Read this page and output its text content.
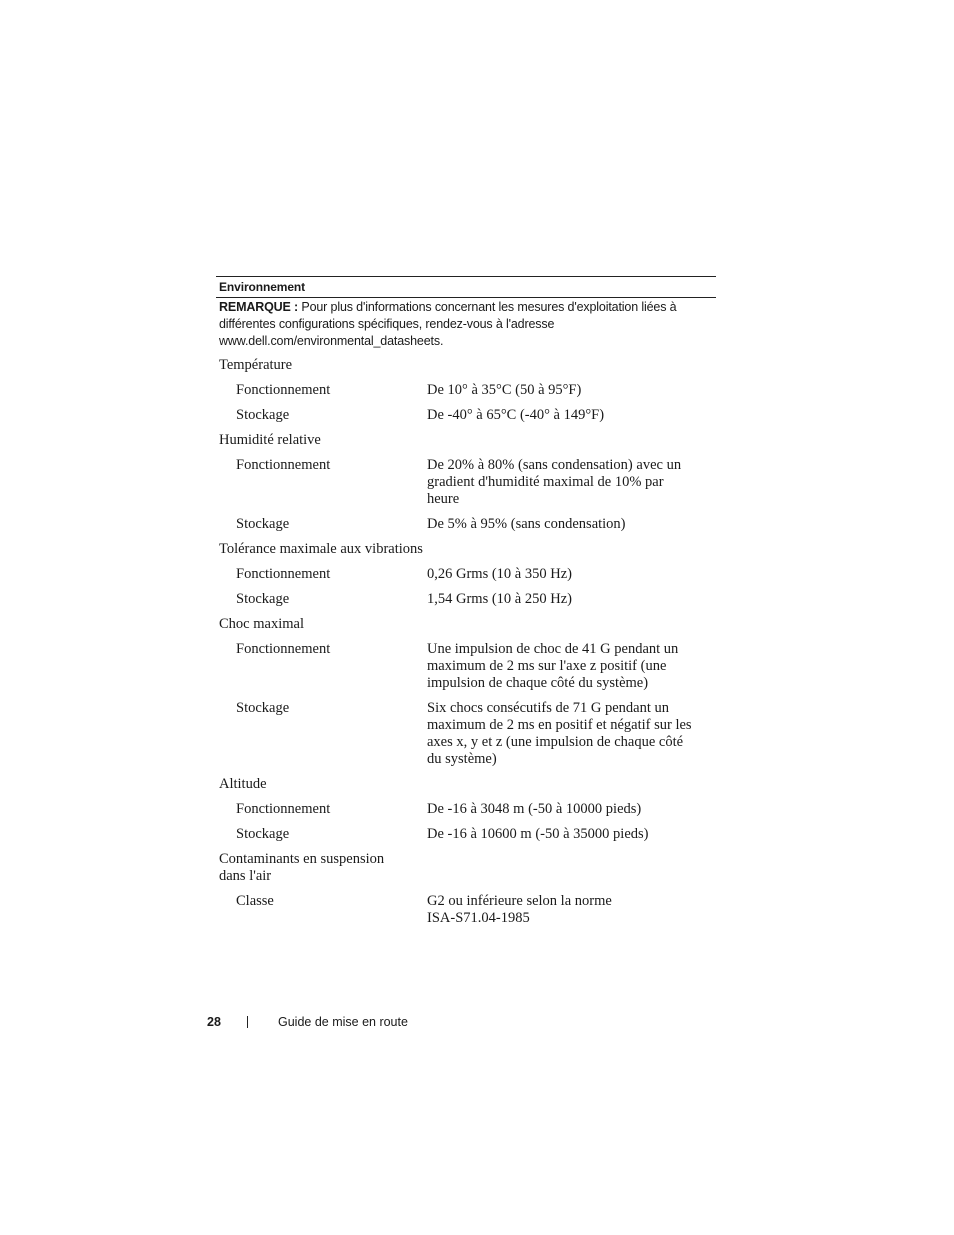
Environnement
REMARQUE : Pour plus d'informations concernant les mesures d'exploitation liées à différentes configurations spécifiques, rendez-vous à l'adresse www.dell.com/environmental_datasheets.
Température
Fonctionnement	De 10° à 35°C (50 à 95°F)
Stockage	De -40° à 65°C (-40° à 149°F)
Humidité relative
Fonctionnement	De 20% à 80% (sans condensation) avec un gradient d'humidité maximal de 10% par heure
Stockage	De 5% à 95% (sans condensation)
Tolérance maximale aux vibrations
Fonctionnement	0,26 Grms (10 à 350 Hz)
Stockage	1,54 Grms (10 à 250 Hz)
Choc maximal
Fonctionnement	Une impulsion de choc de 41 G pendant un maximum de 2 ms sur l'axe z positif (une impulsion de chaque côté du système)
Stockage	Six chocs consécutifs de 71 G pendant un maximum de 2 ms en positif et négatif sur les axes x, y et z (une impulsion de chaque côté du système)
Altitude
Fonctionnement	De -16 à 3048 m (-50 à 10000 pieds)
Stockage	De -16 à 10600 m (-50 à 35000 pieds)
Contaminants en suspension dans l'air
Classe	G2 ou inférieure selon la norme ISA-S71.04-1985
28	Guide de mise en route
